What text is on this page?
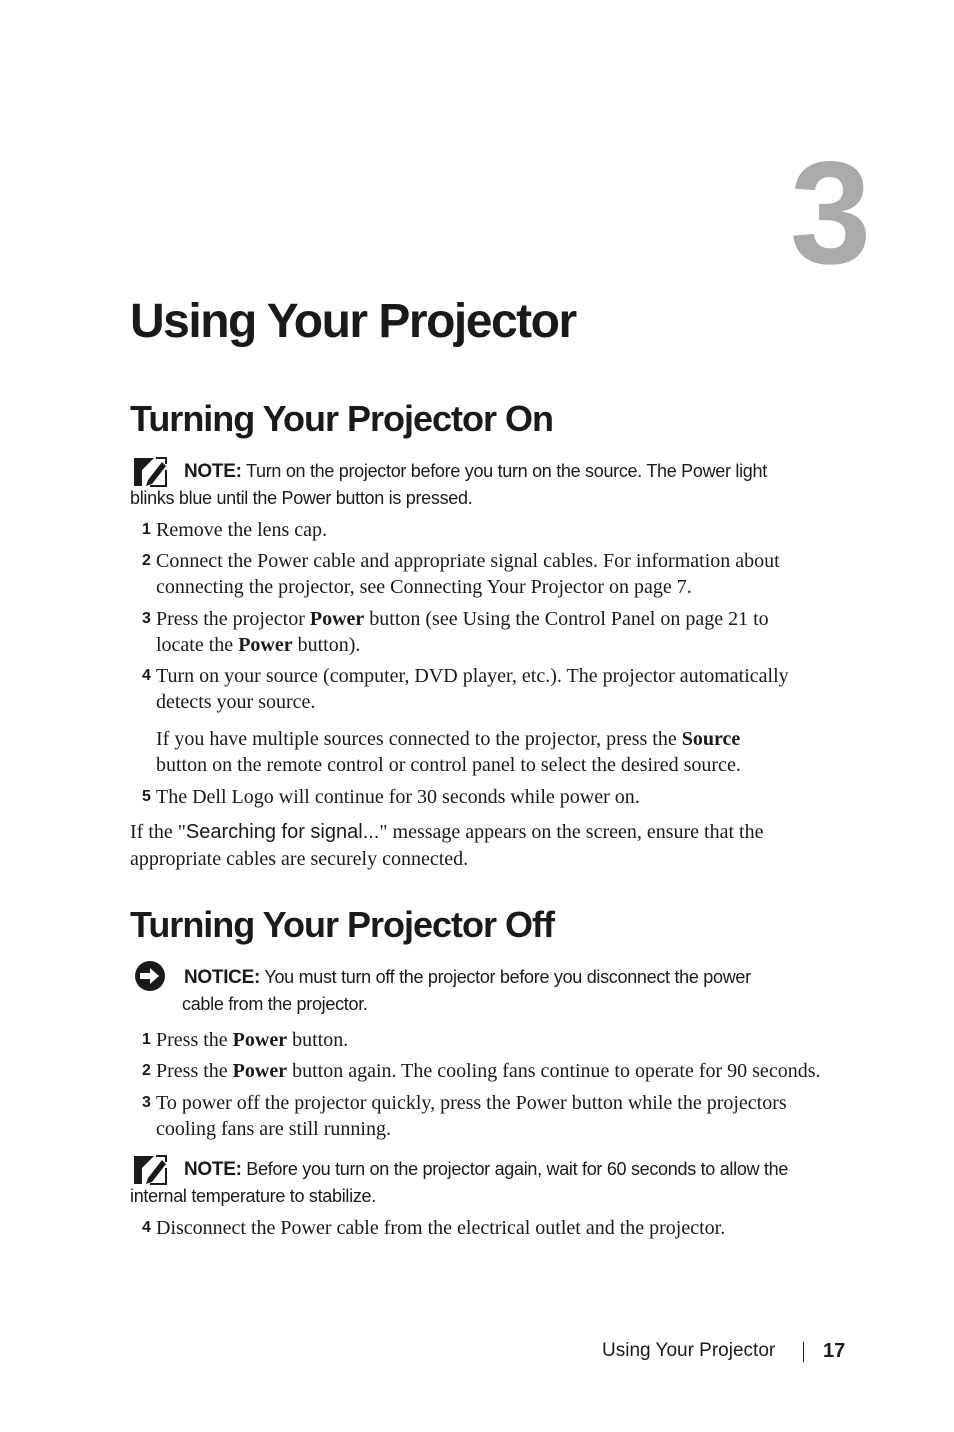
3
Using Your Projector
Turning Your Projector On
NOTE: Turn on the projector before you turn on the source. The Power light
blinks blue until the Power button is pressed.
1 Remove the lens cap.
2 Connect the Power cable and appropriate signal cables. For information about
connecting the projector, see Connecting Your Projector on page 7.
3 Press the projector Power button (see Using the Control Panel on page 21 to
locate the Power button).
4 Turn on your source (computer, DVD player, etc.). The projector automatically
detects your source.
If you have multiple sources connected to the projector, press the Source
button on the remote control or control panel to select the desired source.
5 The Dell Logo will continue for 30 seconds while power on.
If the "Searching for signal..." message appears on the screen, ensure that the
appropriate cables are securely connected.
Turning Your Projector Off
NOTICE: You must turn off the projector before you disconnect the power
cable from the projector.
1 Press the Power button.
2 Press the Power button again. The cooling fans continue to operate for 90 seconds.
3 To power off the projector quickly, press the Power button while the projectors
cooling fans are still running.
NOTE: Before you turn on the projector again, wait for 60 seconds to allow the
internal temperature to stabilize.
4 Disconnect the Power cable from the electrical outlet and the projector.
Using Your Projector 17
